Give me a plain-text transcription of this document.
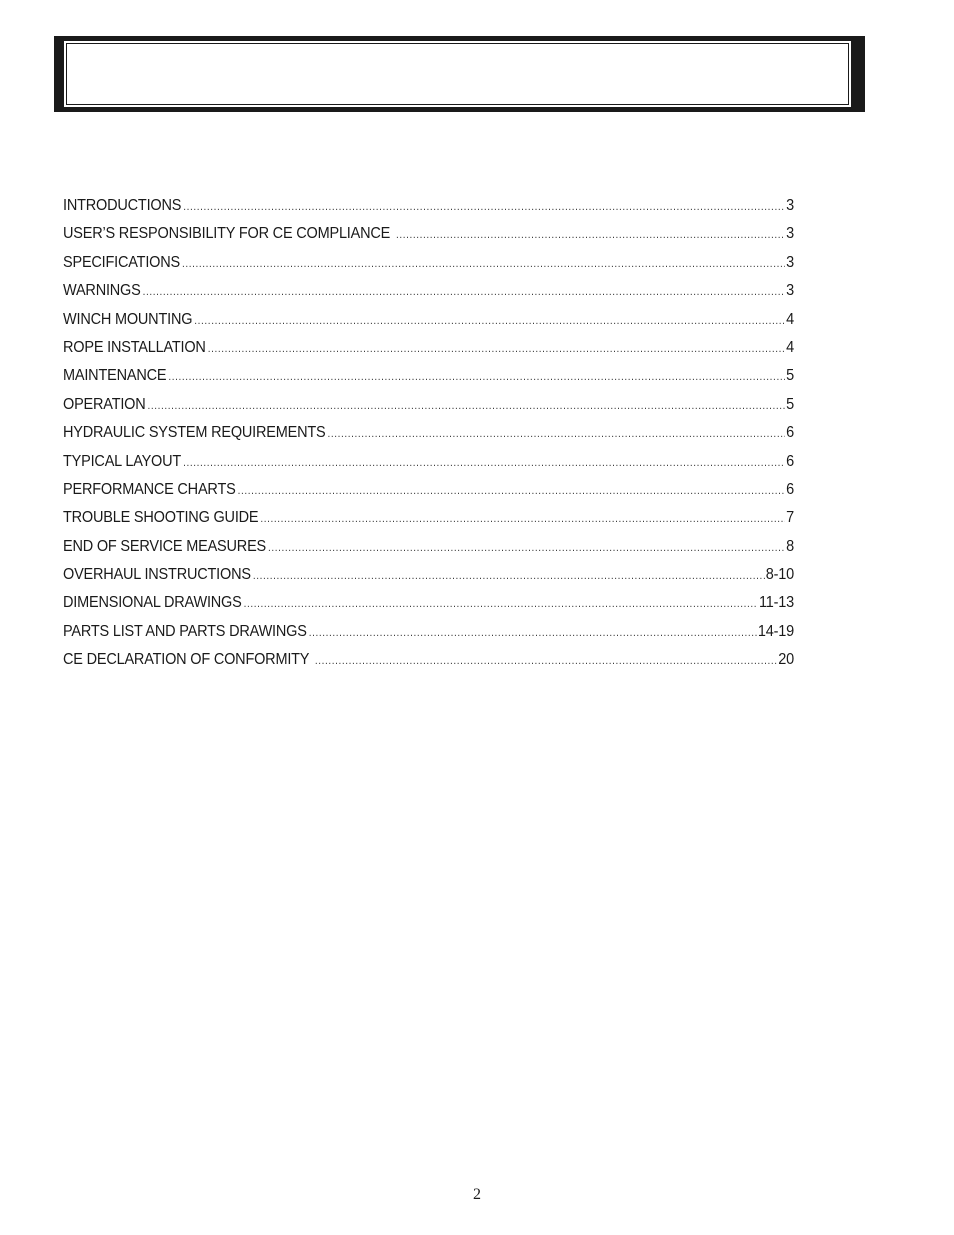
INTRODUCTIONS .....	3
USER’S RESPONSIBILITY FOR CE COMPLIANCE .....	3
SPECIFICATIONS .....	3
WARNINGS .....	3
WINCH MOUNTING .....	4
ROPE INSTALLATION .....	4
MAINTENANCE .....	5
OPERATION .....	5
HYDRAULIC SYSTEM REQUIREMENTS .....	6
TYPICAL LAYOUT .....	6
PERFORMANCE CHARTS .....	6
TROUBLE SHOOTING GUIDE .....	7
END OF SERVICE MEASURES .....	8
OVERHAUL INSTRUCTIONS .....	8-10
DIMENSIONAL DRAWINGS .....	11-13
PARTS LIST AND PARTS DRAWINGS .....	14-19
CE DECLARATION OF CONFORMITY .....	20
2
